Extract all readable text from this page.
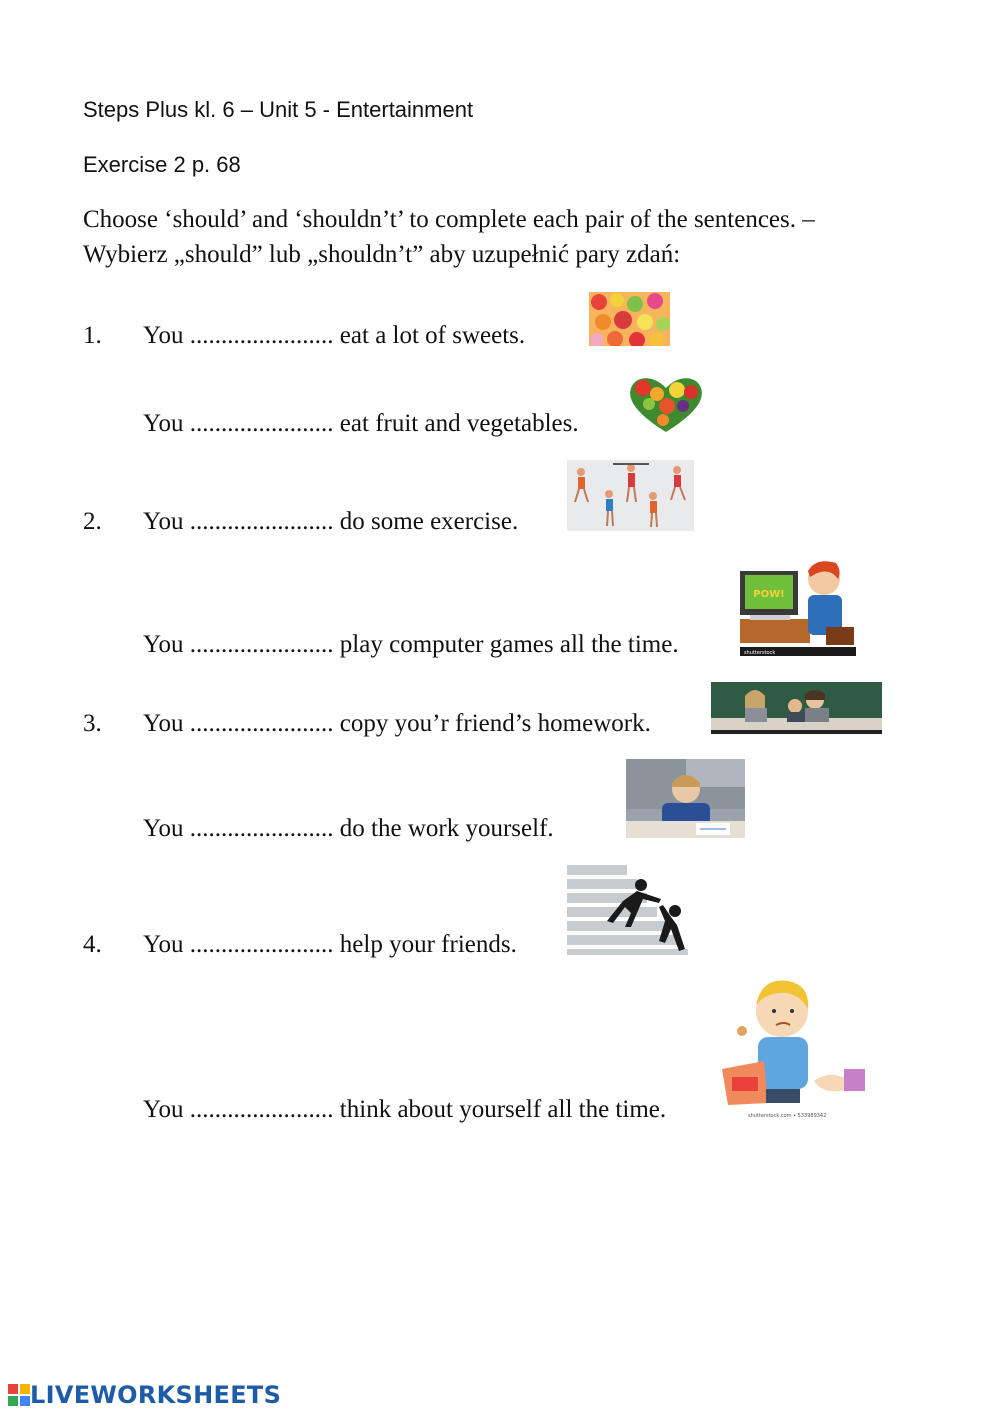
Steps Plus kl. 6 – Unit 5 - Entertainment
Exercise 2 p. 68
Choose ‘should’ and ‘shouldn’t’ to complete each pair of the sentences. –
Wybierz „should” lub „shouldn’t” aby uzupełnić pary zdań:
1. You ....................... eat a lot of sweets.
You ....................... eat fruit and vegetables.
2. You ....................... do some exercise.
You ....................... play computer games all the time.
POW!
shutterstock
3. You ....................... copy you’r friend’s homework.
You ....................... do the work yourself.
4. You ....................... help your friends.
You ....................... think about yourself all the time.	shutterstock.com • 533989342
LIVEWORKSHEETS
